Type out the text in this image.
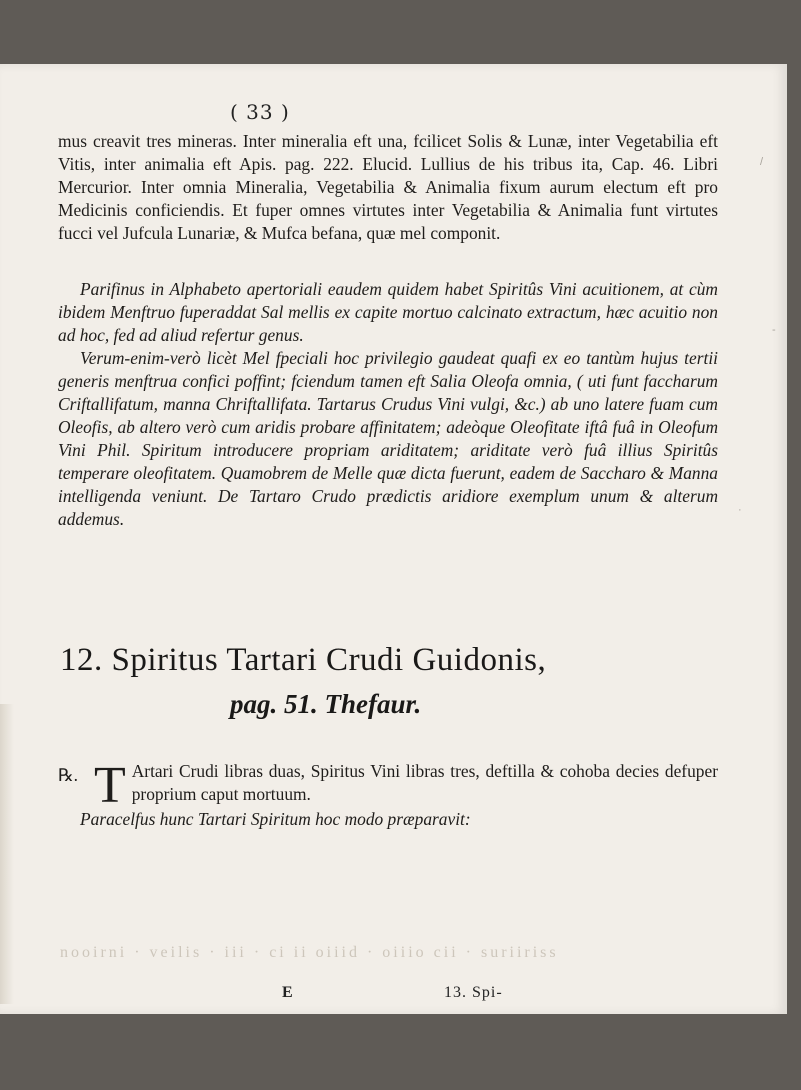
/
-
·
( 33 )

mus creavit tres mineras. Inter mineralia eft una, fcilicet Solis & Lunæ, inter Vegetabilia eft Vitis, inter animalia eft Apis. pag. 222. Elucid. Lullius de his tribus ita, Cap. 46. Libri Mercurior. Inter omnia Mineralia, Vegetabilia & Animalia fixum aurum electum eft pro Medicinis conficiendis. Et fuper omnes virtutes inter Vegetabilia & Animalia funt virtutes fucci vel Jufcula Lunariæ, & Mufca befana, quæ mel componit.

Parifinus in Alphabeto apertoriali eaudem quidem habet Spiritûs Vini acuitionem, at cùm ibidem Menftruo fuperaddat Sal mellis ex capite mortuo calcinato extractum, hæc acuitio non ad hoc, fed ad aliud refertur genus.

Verum-enim-verò licèt Mel fpeciali hoc privilegio gaudeat quafi ex eo tantùm hujus tertii generis menftrua confici poffint; fciendum tamen eft Salia Oleofa omnia, ( uti funt faccharum Criftallifatum, manna Chriftallifata. Tartarus Crudus Vini vulgi, &c.) ab uno latere fuam cum Oleofis, ab altero verò cum aridis probare affinitatem; adeòque Oleofitate iftâ fuâ in Oleofum Vini Phil. Spiritum introducere propriam ariditatem; ariditate verò fuâ illius Spiritûs temperare oleofitatem. Quamobrem de Melle quæ dicta fuerunt, eadem de Saccharo & Manna intelligenda veniunt. De Tartaro Crudo prædictis aridiore exemplum unum & alterum addemus.

12. Spiritus Tartari Crudi Guidonis,
pag. 51. Thefaur.

℞. T Artari Crudi libras duas, Spiritus Vini libras tres, deftilla & cohoba decies defuper proprium caput mortuum.

Paracelfus hunc Tartari Spiritum hoc modo præparavit:

nooirni · veilis · iii · ci ii oiiid · oiiio cii · suriiriss
E	13. Spi-
